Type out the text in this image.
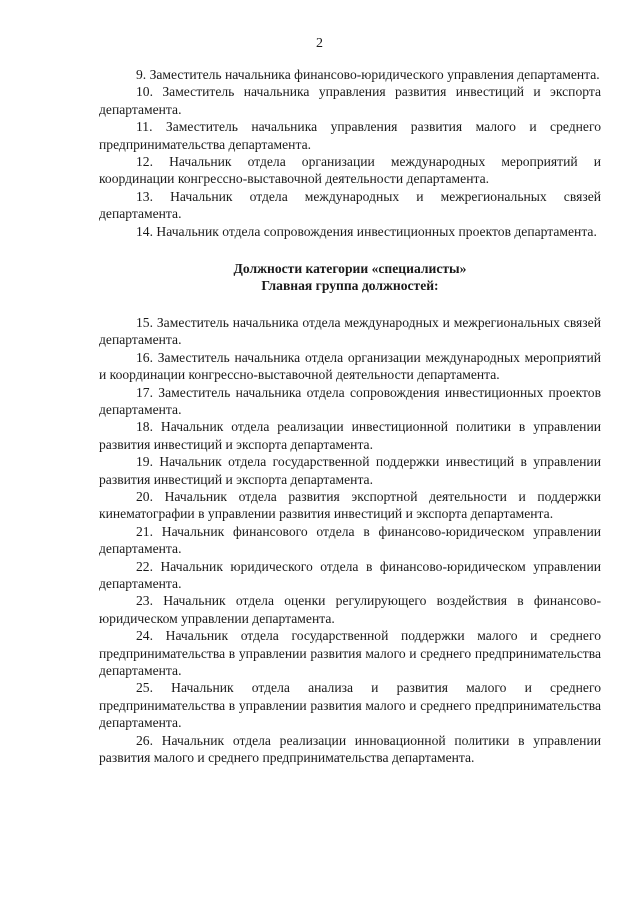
2

9. Заместитель начальника финансово-юридического управления департамента.

10. Заместитель начальника управления развития инвестиций и экспорта департамента.

11. Заместитель начальника управления развития малого и среднего предпринимательства департамента.

12. Начальник отдела организации международных мероприятий и координации конгрессно-выставочной деятельности департамента.

13. Начальник отдела международных и межрегиональных связей департамента.

14. Начальник отдела сопровождения инвестиционных проектов департамента.

Должности категории «специалисты»

Главная группа должностей:

15. Заместитель начальника отдела международных и межрегиональных связей департамента.

16. Заместитель начальника отдела организации международных мероприятий и координации конгрессно-выставочной деятельности департамента.

17. Заместитель начальника отдела сопровождения инвестиционных проектов департамента.

18. Начальник отдела реализации инвестиционной политики в управлении развития инвестиций и экспорта департамента.

19. Начальник отдела государственной поддержки инвестиций в управлении развития инвестиций и экспорта департамента.

20. Начальник отдела развития экспортной деятельности и поддержки кинематографии в управлении развития инвестиций и экспорта департамента.

21. Начальник финансового отдела в финансово-юридическом управлении департамента.

22. Начальник юридического отдела в финансово-юридическом управлении департамента.

23. Начальник отдела оценки регулирующего воздействия в финансово-юридическом управлении департамента.

24. Начальник отдела государственной поддержки малого и среднего предпринимательства в управлении развития малого и среднего предпринимательства департамента.

25. Начальник отдела анализа и развития малого и среднего предпринимательства в управлении развития малого и среднего предпринимательства департамента.

26. Начальник отдела реализации инновационной политики в управлении развития малого и среднего предпринимательства департамента.
